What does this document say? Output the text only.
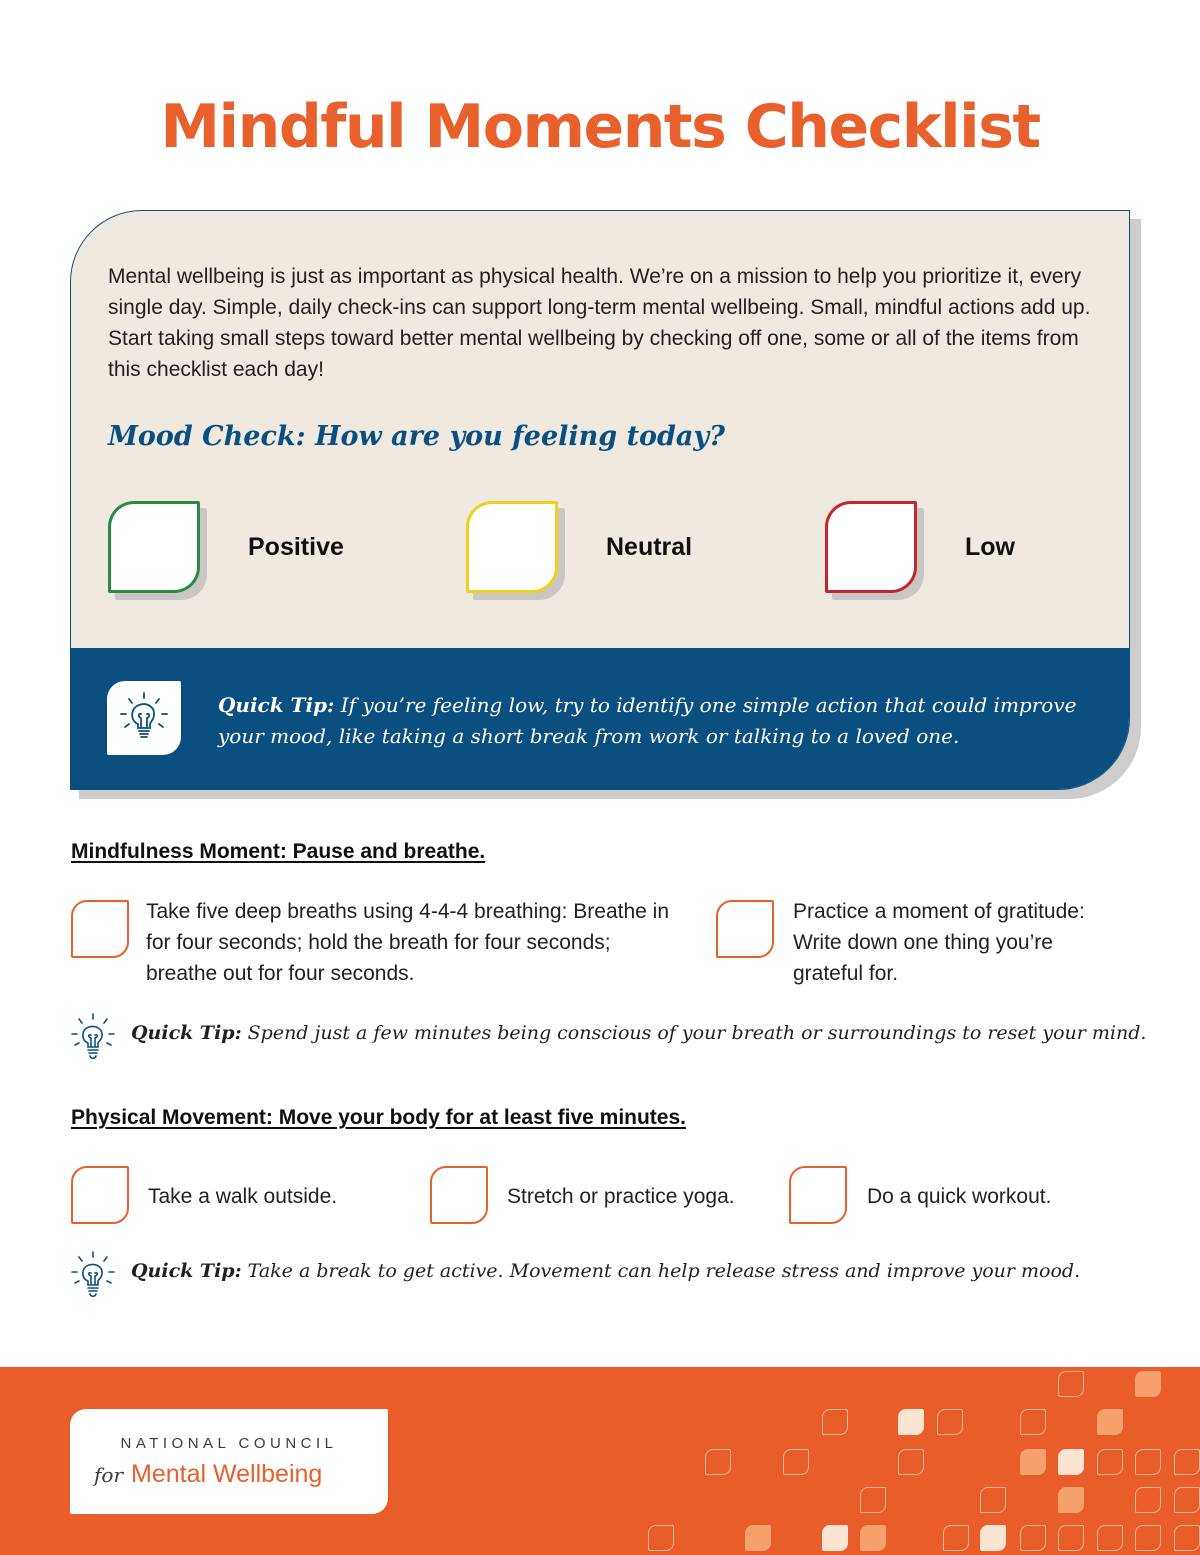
Mindful Moments Checklist

Mental wellbeing is just as important as physical health. We’re on a mission to help you prioritize it, every single day. Simple, daily check-ins can support long-term mental wellbeing. Small, mindful actions add up. Start taking small steps toward better mental wellbeing by checking off one, some or all of the items from this checklist each day!

Mood Check: How are you feeling today?
Positive	Neutral	Low

Quick Tip: If you’re feeling low, try to identify one simple action that could improve your mood, like taking a short break from work or talking to a loved one.

Mindfulness Moment: Pause and breathe.

Take five deep breaths using 4-4-4 breathing: Breathe in for four seconds; hold the breath for four seconds; breathe out for four seconds.

Practice a moment of gratitude: Write down one thing you’re grateful for.

Quick Tip: Spend just a few minutes being conscious of your breath or surroundings to reset your mind.

Physical Movement: Move your body for at least five minutes.

Take a walk outside.	Stretch or practice yoga.	Do a quick workout.

Quick Tip: Take a break to get active. Movement can help release stress and improve your mood.

NATIONAL COUNCIL

for Mental Wellbeing
